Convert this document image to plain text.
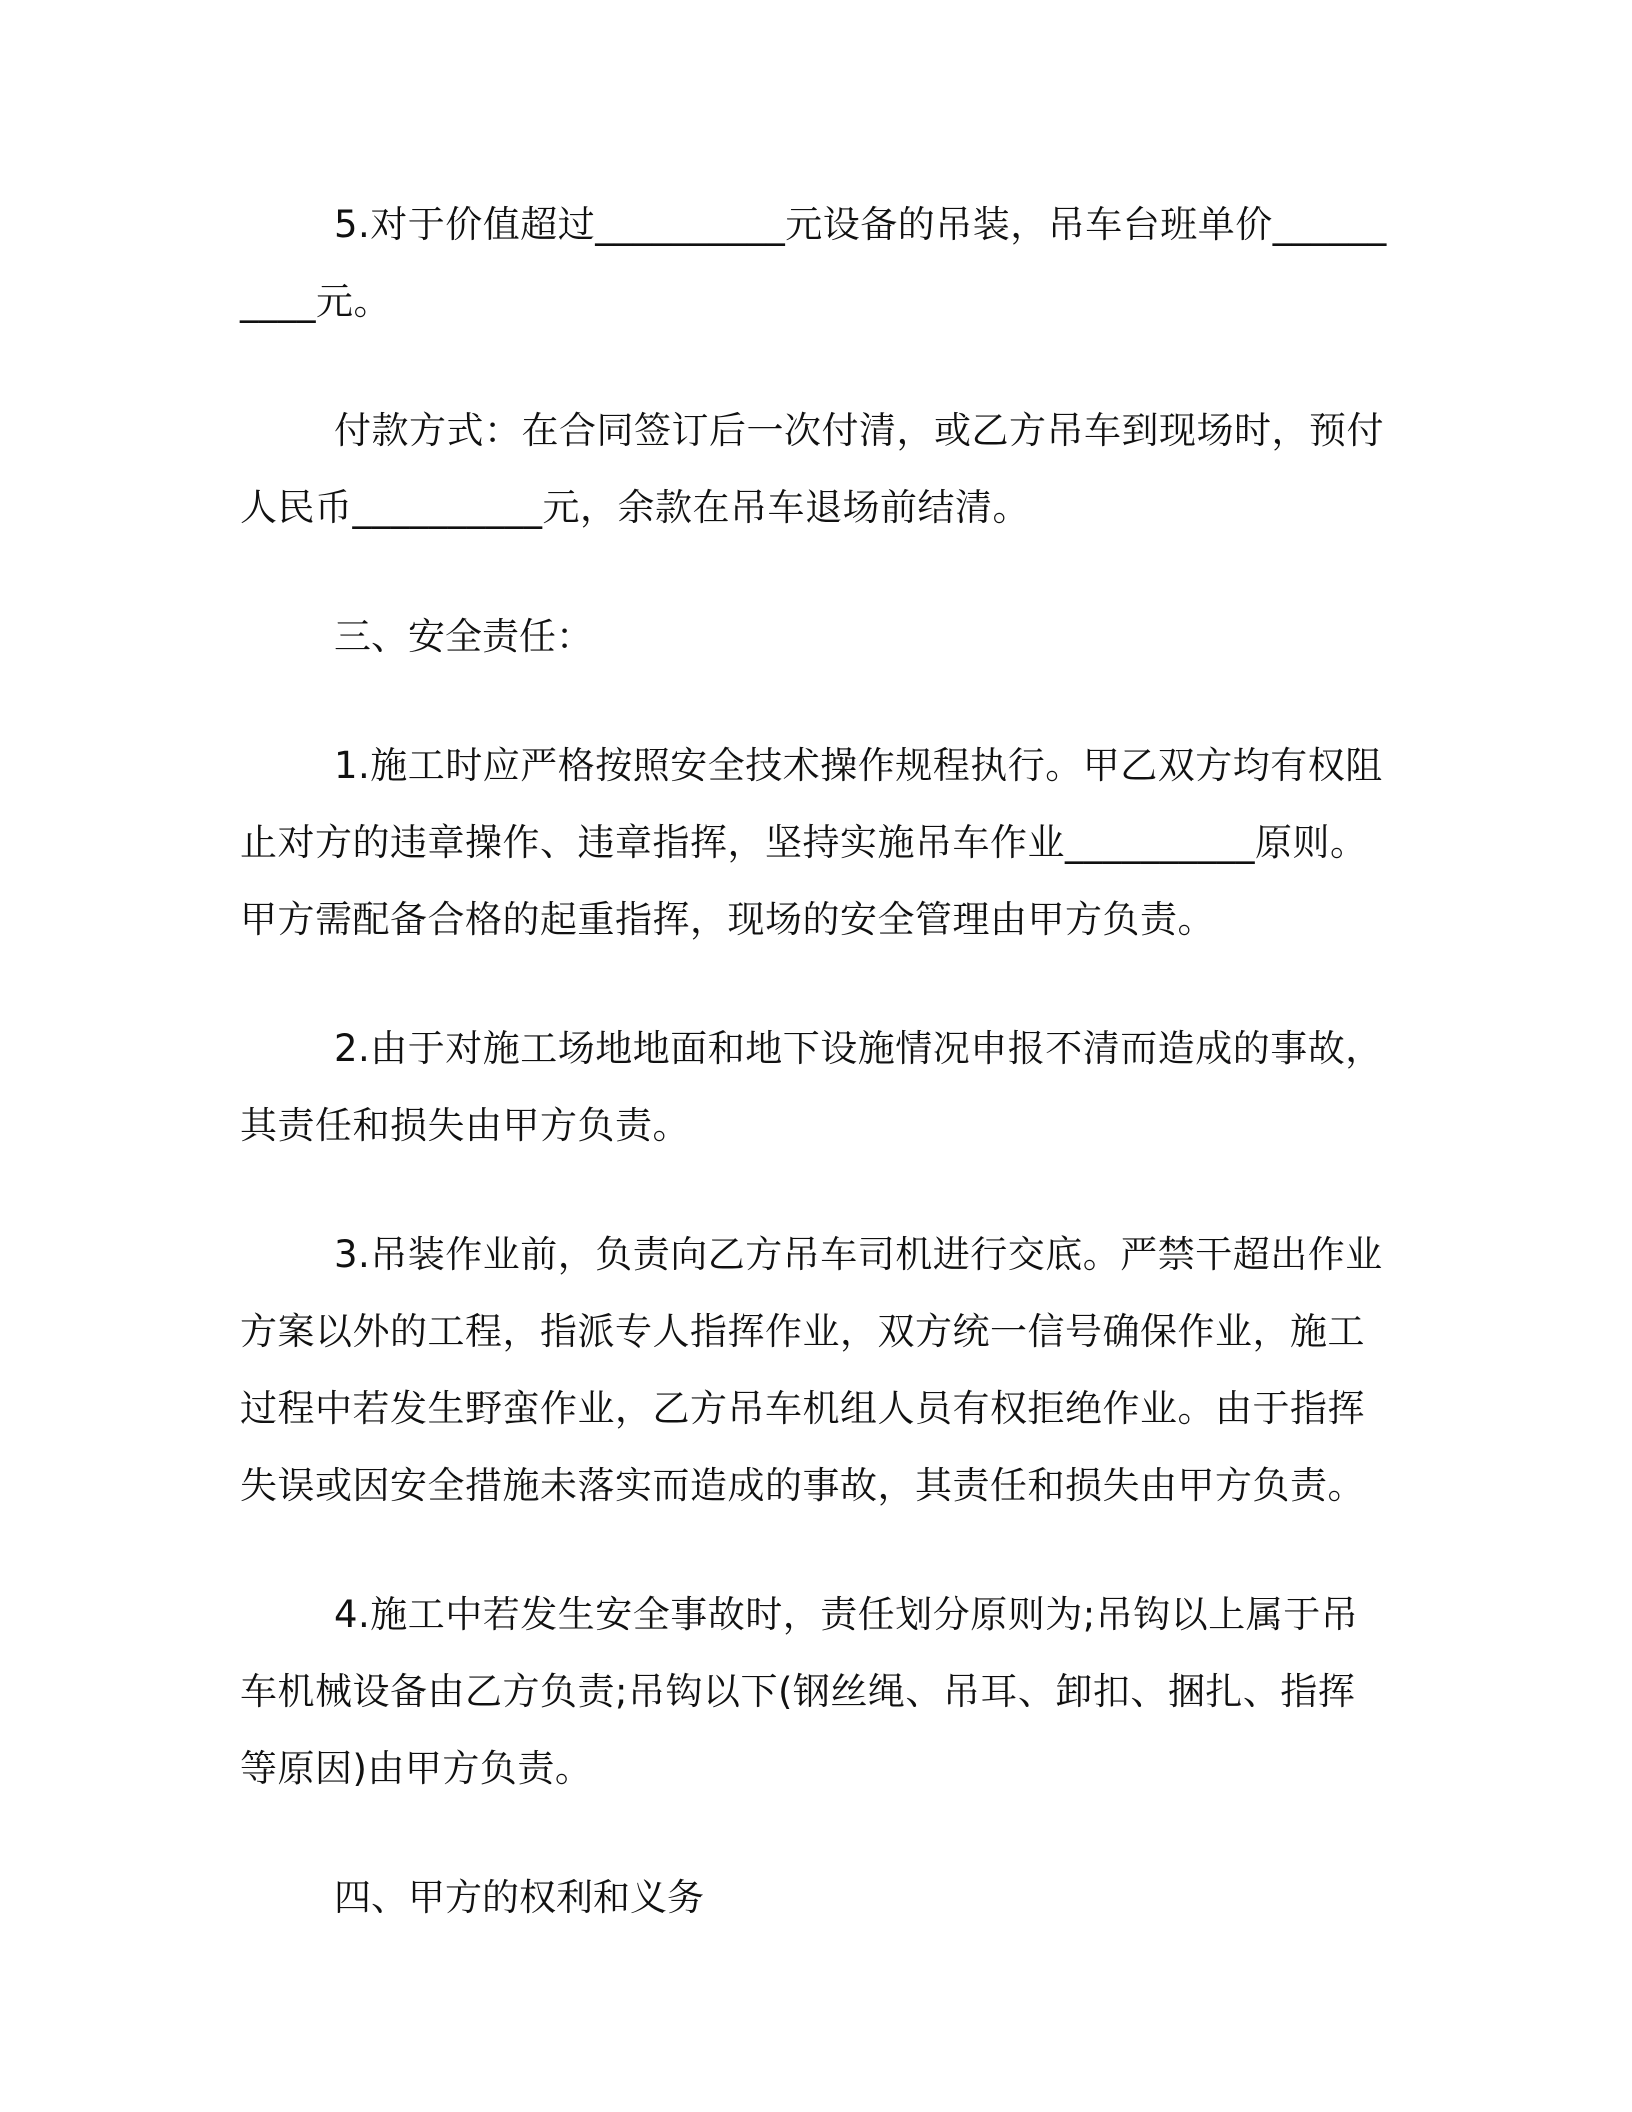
5.对于价值超过__________元设备的吊装，吊车台班单价__________元。

付款方式：在合同签订后一次付清，或乙方吊车到现场时，预付人民币__________元，余款在吊车退场前结清。

三、安全责任：

1.施工时应严格按照安全技术操作规程执行。甲乙双方均有权阻止对方的违章操作、违章指挥，坚持实施吊车作业__________原则。甲方需配备合格的起重指挥，现场的安全管理由甲方负责。

2.由于对施工场地地面和地下设施情况申报不清而造成的事故，其责任和损失由甲方负责。

3.吊装作业前，负责向乙方吊车司机进行交底。严禁干超出作业方案以外的工程，指派专人指挥作业，双方统一信号确保作业，施工过程中若发生野蛮作业，乙方吊车机组人员有权拒绝作业。由于指挥失误或因安全措施未落实而造成的事故，其责任和损失由甲方负责。

4.施工中若发生安全事故时，责任划分原则为;吊钩以上属于吊车机械设备由乙方负责;吊钩以下(钢丝绳、吊耳、卸扣、捆扎、指挥等原因)由甲方负责。

四、甲方的权利和义务
